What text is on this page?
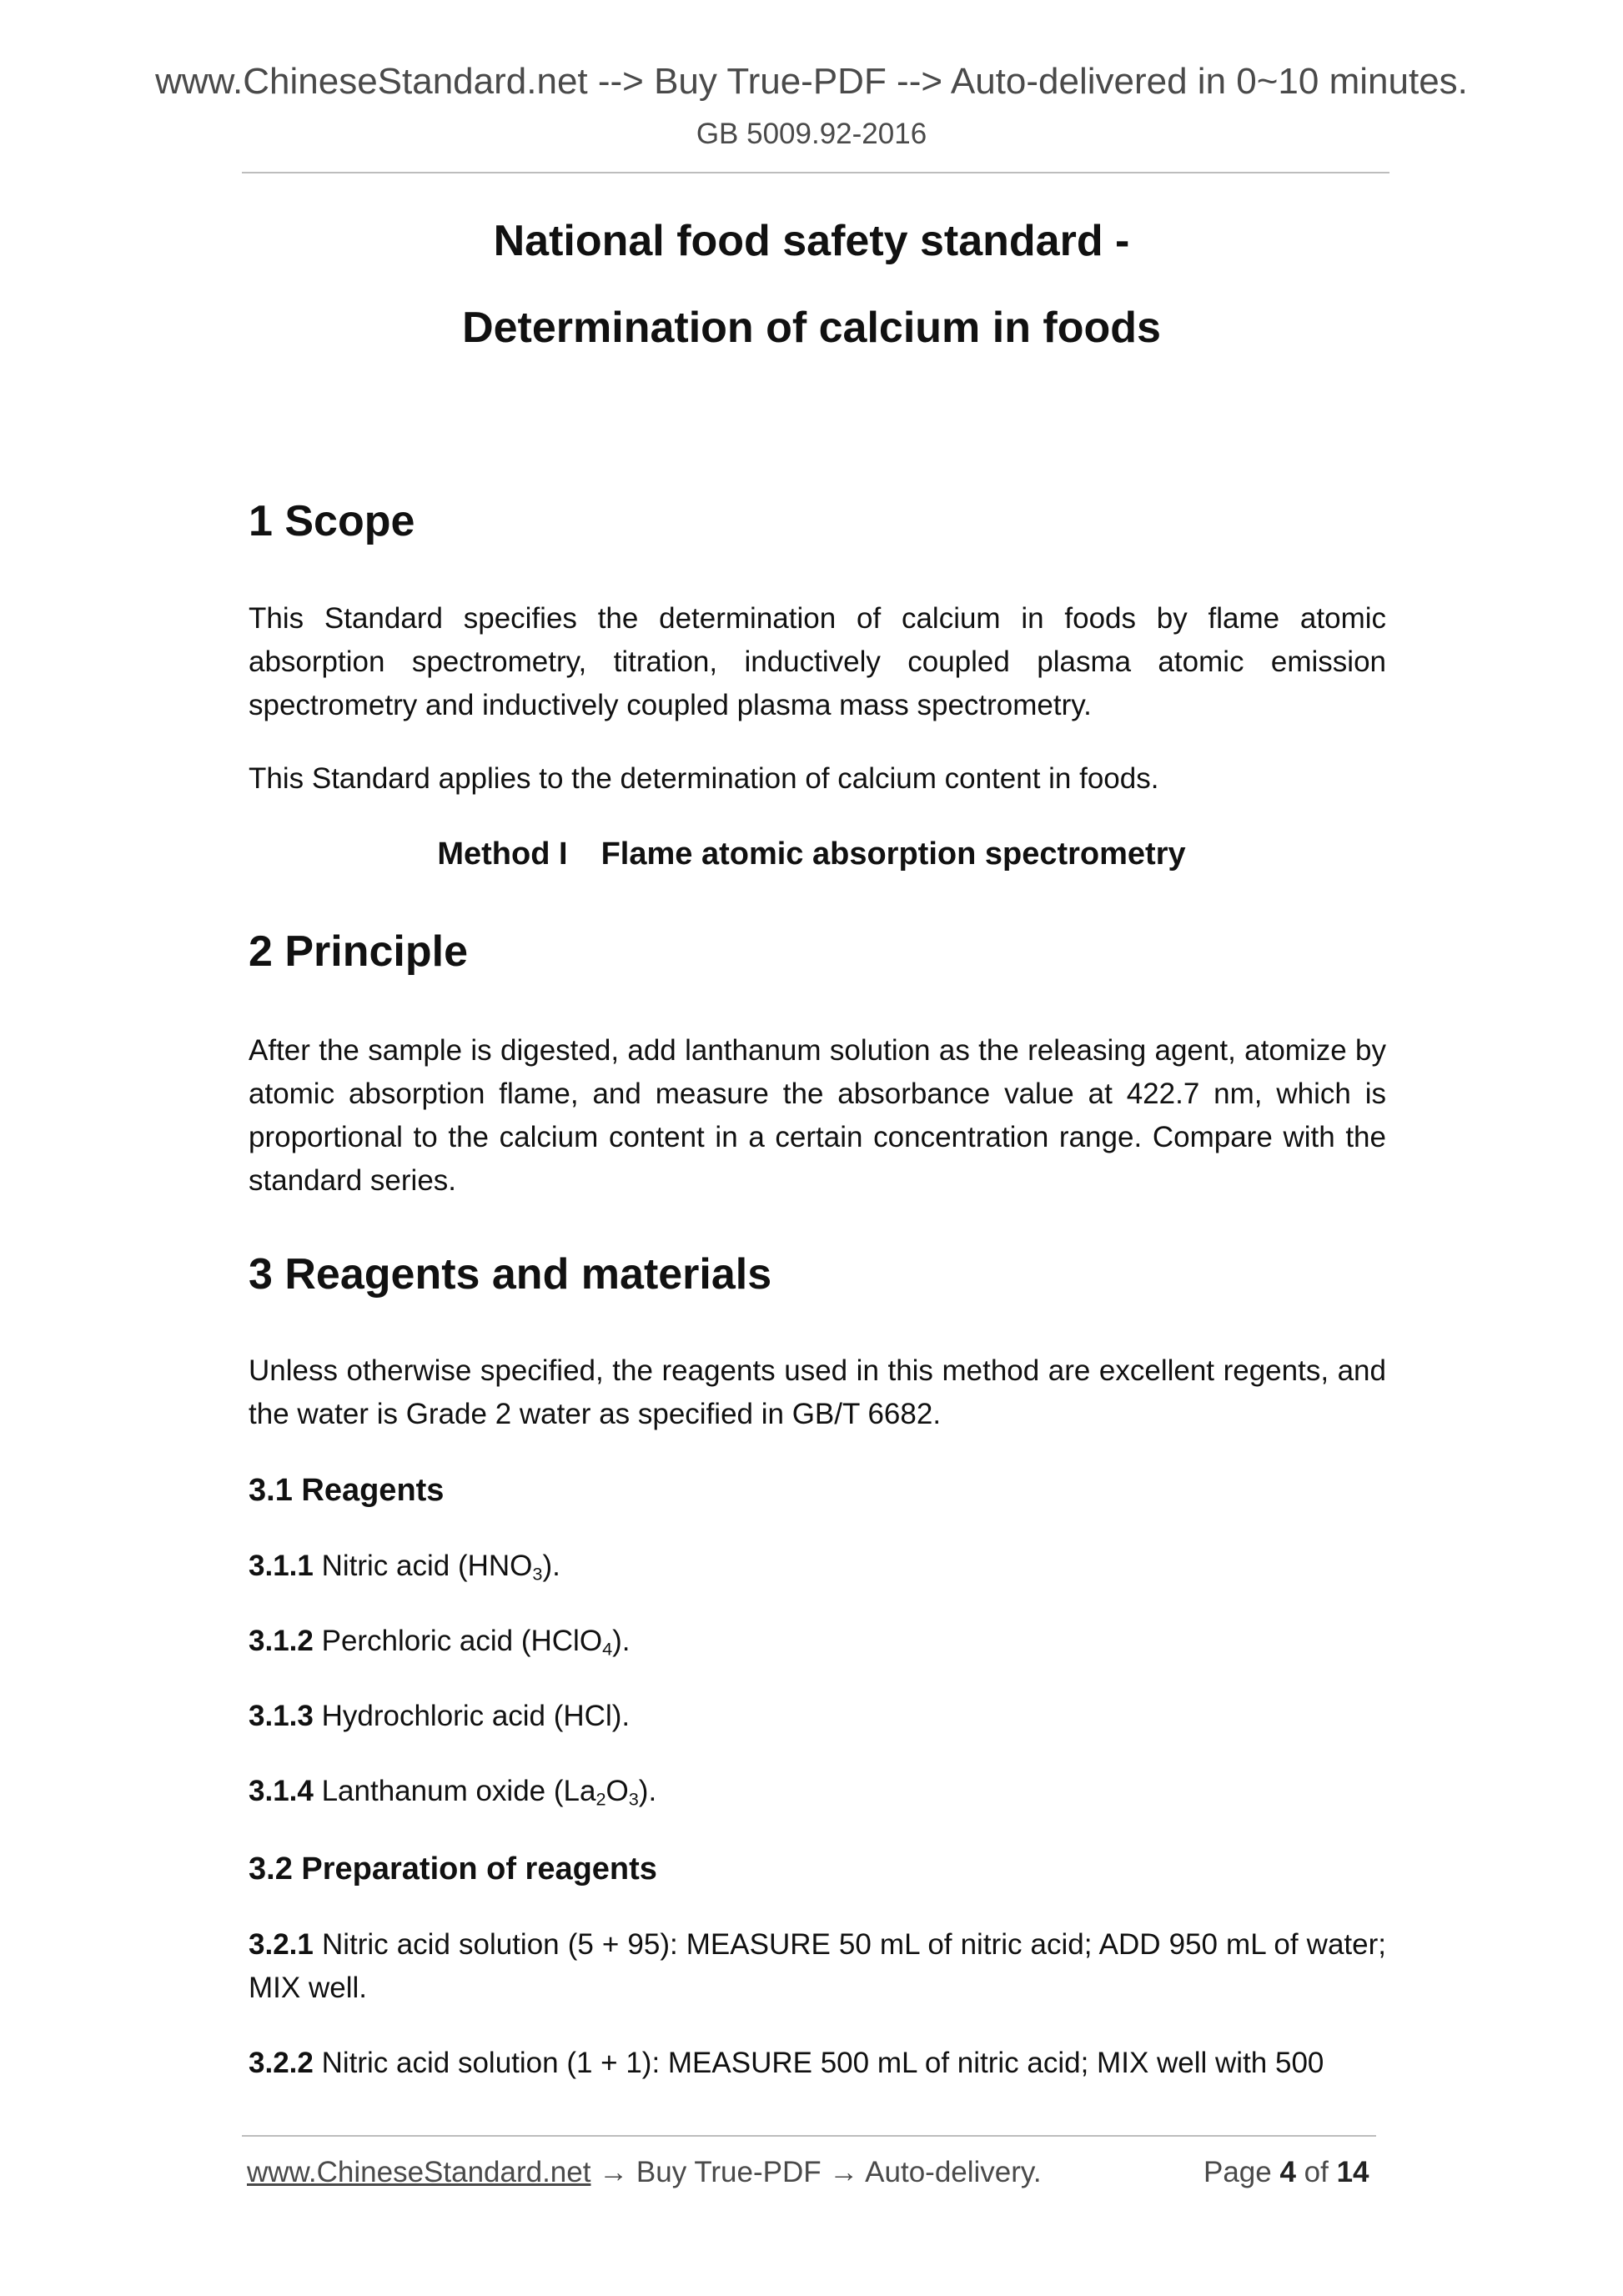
www.ChineseStandard.net --> Buy True-PDF --> Auto-delivered in 0~10 minutes.
GB 5009.92-2016
National food safety standard -
Determination of calcium in foods
1 Scope

This Standard specifies the determination of calcium in foods by flame atomic absorption spectrometry, titration, inductively coupled plasma atomic emission spectrometry and inductively coupled plasma mass spectrometry.

This Standard applies to the determination of calcium content in foods.

Method I Flame atomic absorption spectrometry
2 Principle

After the sample is digested, add lanthanum solution as the releasing agent, atomize by atomic absorption flame, and measure the absorbance value at 422.7 nm, which is proportional to the calcium content in a certain concentration range. Compare with the standard series.

3 Reagents and materials

Unless otherwise specified, the reagents used in this method are excellent regents, and the water is Grade 2 water as specified in GB/T 6682.

3.1 Reagents
3.1.1 Nitric acid $(HNO_3)$.
3.1.2 Perchloric acid (HClO$_4$).
3.1.3 Hydrochloric acid (HCl).
3.1.4 Lanthanum oxide $(La_2O_3)$.
3.2 Preparation of reagents

3.2.1 Nitric acid solution (5 + 95): MEASURE 50 mL of nitric acid; ADD 950 mL of water; MIX well.

3.2.2 Nitric acid solution (1 + 1): MEASURE 500 mL of nitric acid; MIX well with 500

www.ChineseStandard.net → Buy True-PDF → Auto-delivery.	Page 4 of 14
